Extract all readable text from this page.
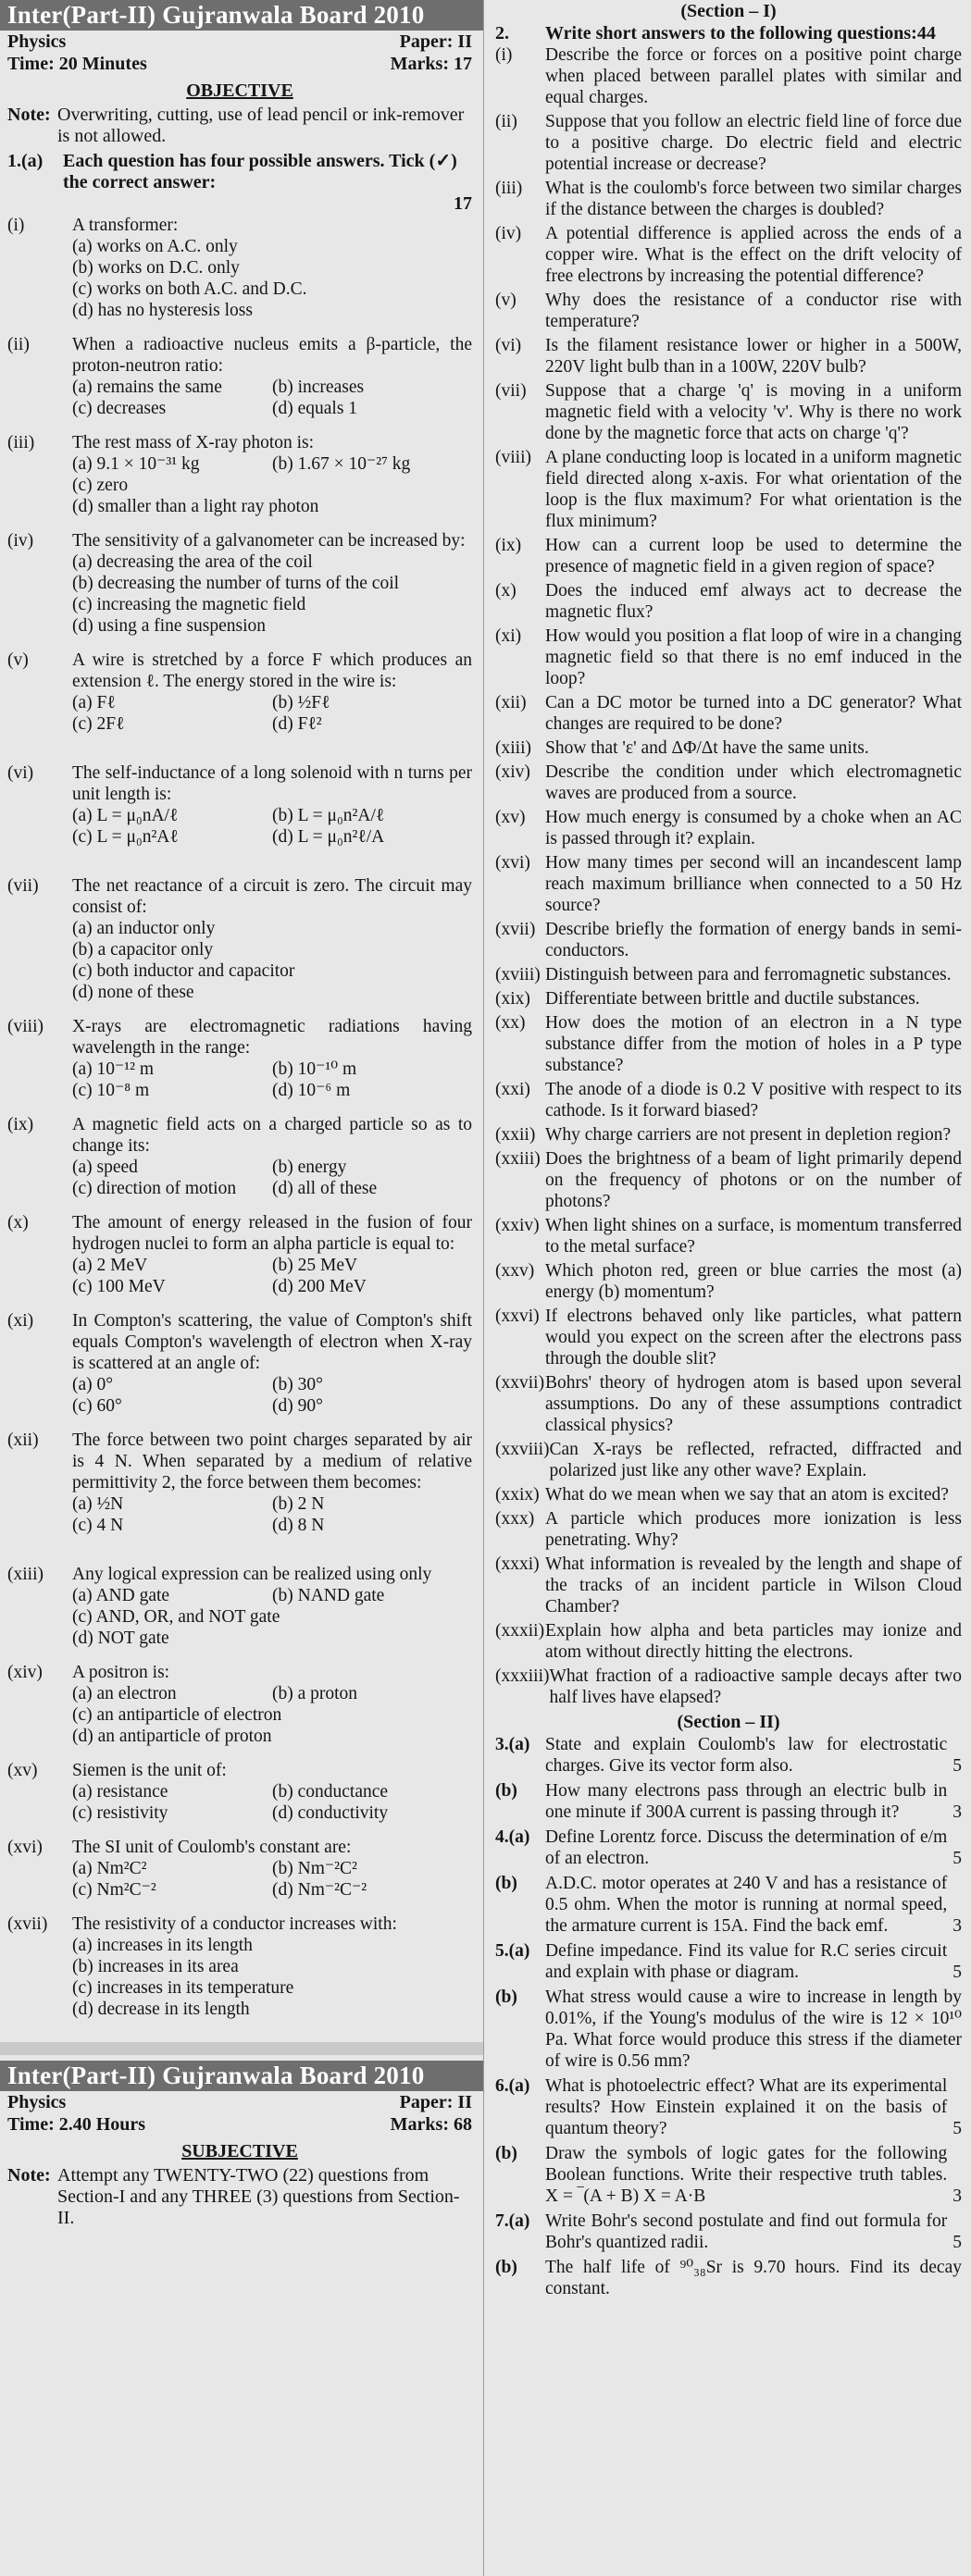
Inter(Part-II) Gujranwala Board 2010
Physics	Paper: II
Time: 20 Minutes	Marks: 17
OBJECTIVE
Note: Overwriting, cutting, use of lead pencil or ink-remover is not allowed.
1.(a)	Each question has four possible answers. Tick (✓) the correct answer:
17
(i)	A transformer:
(a) works on A.C. only
(b) works on D.C. only
(c) works on both A.C. and D.C.
(d) has no hysteresis loss
(ii)	When a radioactive nucleus emits a β-particle, the proton-neutron ratio:
(a) remains the same	(b) increases
(c) decreases	(d) equals 1
(iii)	The rest mass of X-ray photon is:
(a) 9.1 × 10⁻³¹ kg	(b) 1.67 × 10⁻²⁷ kg
(c) zero
(d) smaller than a light ray photon
(iv)	The sensitivity of a galvanometer can be increased by:
(a) decreasing the area of the coil
(b) decreasing the number of turns of the coil
(c) increasing the magnetic field
(d) using a fine suspension
(v)	A wire is stretched by a force F which produces an extension ℓ. The energy stored in the wire is:
(a) Fℓ	(b) ½Fℓ
(c) 2Fℓ	(d) Fℓ²
(vi)	The self-inductance of a long solenoid with n turns per unit length is:
(a) L = μ₀nA/ℓ	(b) L = μ₀n²A/ℓ
(c) L = μ₀n²Aℓ	(d) L = μ₀n²ℓ/A
(vii)	The net reactance of a circuit is zero. The circuit may consist of:
(a) an inductor only
(b) a capacitor only
(c) both inductor and capacitor
(d) none of these
(viii)	X-rays are electromagnetic radiations having wavelength in the range:
(a) 10⁻¹² m	(b) 10⁻¹⁰ m
(c) 10⁻⁸ m	(d) 10⁻⁶ m
(ix)	A magnetic field acts on a charged particle so as to change its:
(a) speed	(b) energy
(c) direction of motion	(d) all of these
(x)	The amount of energy released in the fusion of four hydrogen nuclei to form an alpha particle is equal to:
(a) 2 MeV	(b) 25 MeV
(c) 100 MeV	(d) 200 MeV
(xi)	In Compton's scattering, the value of Compton's shift equals Compton's wavelength of electron when X-ray is scattered at an angle of:
(a) 0°	(b) 30°
(c) 60°	(d) 90°
(xii)	The force between two point charges separated by air is 4 N. When separated by a medium of relative permittivity 2, the force between them becomes:
(a) ½N	(b) 2 N
(c) 4 N	(d) 8 N
(xiii)	Any logical expression can be realized using only
(a) AND gate	(b) NAND gate
(c) AND, OR, and NOT gate
(d) NOT gate
(xiv)	A positron is:
(a) an electron	(b) a proton
(c) an antiparticle of electron
(d) an antiparticle of proton
(xv)	Siemen is the unit of:
(a) resistance	(b) conductance
(c) resistivity	(d) conductivity
(xvi)	The SI unit of Coulomb's constant are:
(a) Nm²C²	(b) Nm⁻²C²
(c) Nm²C⁻²	(d) Nm⁻²C⁻²
(xvii)	The resistivity of a conductor increases with:
(a) increases in its length
(b) increases in its area
(c) increases in its temperature
(d) decrease in its length
Inter(Part-II) Gujranwala Board 2010
Physics	Paper: II
Time: 2.40 Hours	Marks: 68
SUBJECTIVE
Note: Attempt any TWENTY-TWO (22) questions from Section-I and any THREE (3) questions from Section-II.
(Section – I)
2.	Write short answers to the following questions:44
(i)	Describe the force or forces on a positive point charge when placed between parallel plates with similar and equal charges.
(ii)	Suppose that you follow an electric field line of force due to a positive charge. Do electric field and electric potential increase or decrease?
(iii)	What is the coulomb's force between two similar charges if the distance between the charges is doubled?
(iv)	A potential difference is applied across the ends of a copper wire. What is the effect on the drift velocity of free electrons by increasing the potential difference?
(v)	Why does the resistance of a conductor rise with temperature?
(vi)	Is the filament resistance lower or higher in a 500W, 220V light bulb than in a 100W, 220V bulb?
(vii)	Suppose that a charge 'q' is moving in a uniform magnetic field with a velocity 'v'. Why is there no work done by the magnetic force that acts on charge 'q'?
(viii) A plane conducting loop is located in a uniform magnetic field directed along x-axis. For what orientation of the loop is the flux maximum? For what orientation is the flux minimum?
(ix)	How can a current loop be used to determine the presence of magnetic field in a given region of space?
(x)	Does the induced emf always act to decrease the magnetic flux?
(xi)	How would you position a flat loop of wire in a changing magnetic field so that there is no emf induced in the loop?
(xii)	Can a DC motor be turned into a DC generator? What changes are required to be done?
(xiii) Show that 'ε' and ΔΦ/Δt have the same units.
(xiv) Describe the condition under which electromagnetic waves are produced from a source.
(xv)	How much energy is consumed by a choke when an AC is passed through it? explain.
(xvi) How many times per second will an incandescent lamp reach maximum brilliance when connected to a 50 Hz source?
(xvii) Describe briefly the formation of energy bands in semi-conductors.
(xviii) Distinguish between para and ferromagnetic substances.
(xix) Differentiate between brittle and ductile substances.
(xx)	How does the motion of an electron in a N type substance differ from the motion of holes in a P type substance?
(xxi) The anode of a diode is 0.2 V positive with respect to its cathode. Is it forward biased?
(xxii) Why charge carriers are not present in depletion region?
(xxiii) Does the brightness of a beam of light primarily depend on the frequency of photons or on the number of photons?
(xxiv) When light shines on a surface, is momentum transferred to the metal surface?
(xxv) Which photon red, green or blue carries the most (a) energy (b) momentum?
(xxvi) If electrons behaved only like particles, what pattern would you expect on the screen after the electrons pass through the double slit?
(xxvii) Bohrs' theory of hydrogen atom is based upon several assumptions. Do any of these assumptions contradict classical physics?
(xxviii) Can X-rays be reflected, refracted, diffracted and polarized just like any other wave? Explain.
(xxix) What do we mean when we say that an atom is excited?
(xxx) A particle which produces more ionization is less penetrating. Why?
(xxxi) What information is revealed by the length and shape of the tracks of an incident particle in Wilson Cloud Chamber?
(xxxii) Explain how alpha and beta particles may ionize and atom without directly hitting the electrons.
(xxxiii) What fraction of a radioactive sample decays after two half lives have elapsed?
(Section – II)
3.(a) State and explain Coulomb's law for electrostatic charges. Give its vector form also.	5
(b)	How many electrons pass through an electric bulb in one minute if 300A current is passing through it?	3
4.(a) Define Lorentz force. Discuss the determination of e/m of an electron.	5
(b)	A.D.C. motor operates at 240 V and has a resistance of 0.5 ohm. When the motor is running at normal speed, the armature current is 15A. Find the back emf.	3
5.(a) Define impedance. Find its value for R.C series circuit and explain with phase or diagram.	5
(b)	What stress would cause a wire to increase in length by 0.01%, if the Young's modulus of the wire is 12 × 10¹⁰ Pa. What force would produce this stress if the diameter of wire is 0.56 mm?
6.(a) What is photoelectric effect? What are its experimental results? How Einstein explained it on the basis of quantum theory?	5
(b)	Draw the symbols of logic gates for the following Boolean functions. Write their respective truth tables. X = ‾(A + B) X = A·B	3
7.(a) Write Bohr's second postulate and find out formula for Bohr's quantized radii.	5
(b)	The half life of ⁹⁰₃₈Sr is 9.70 hours. Find its decay constant.
